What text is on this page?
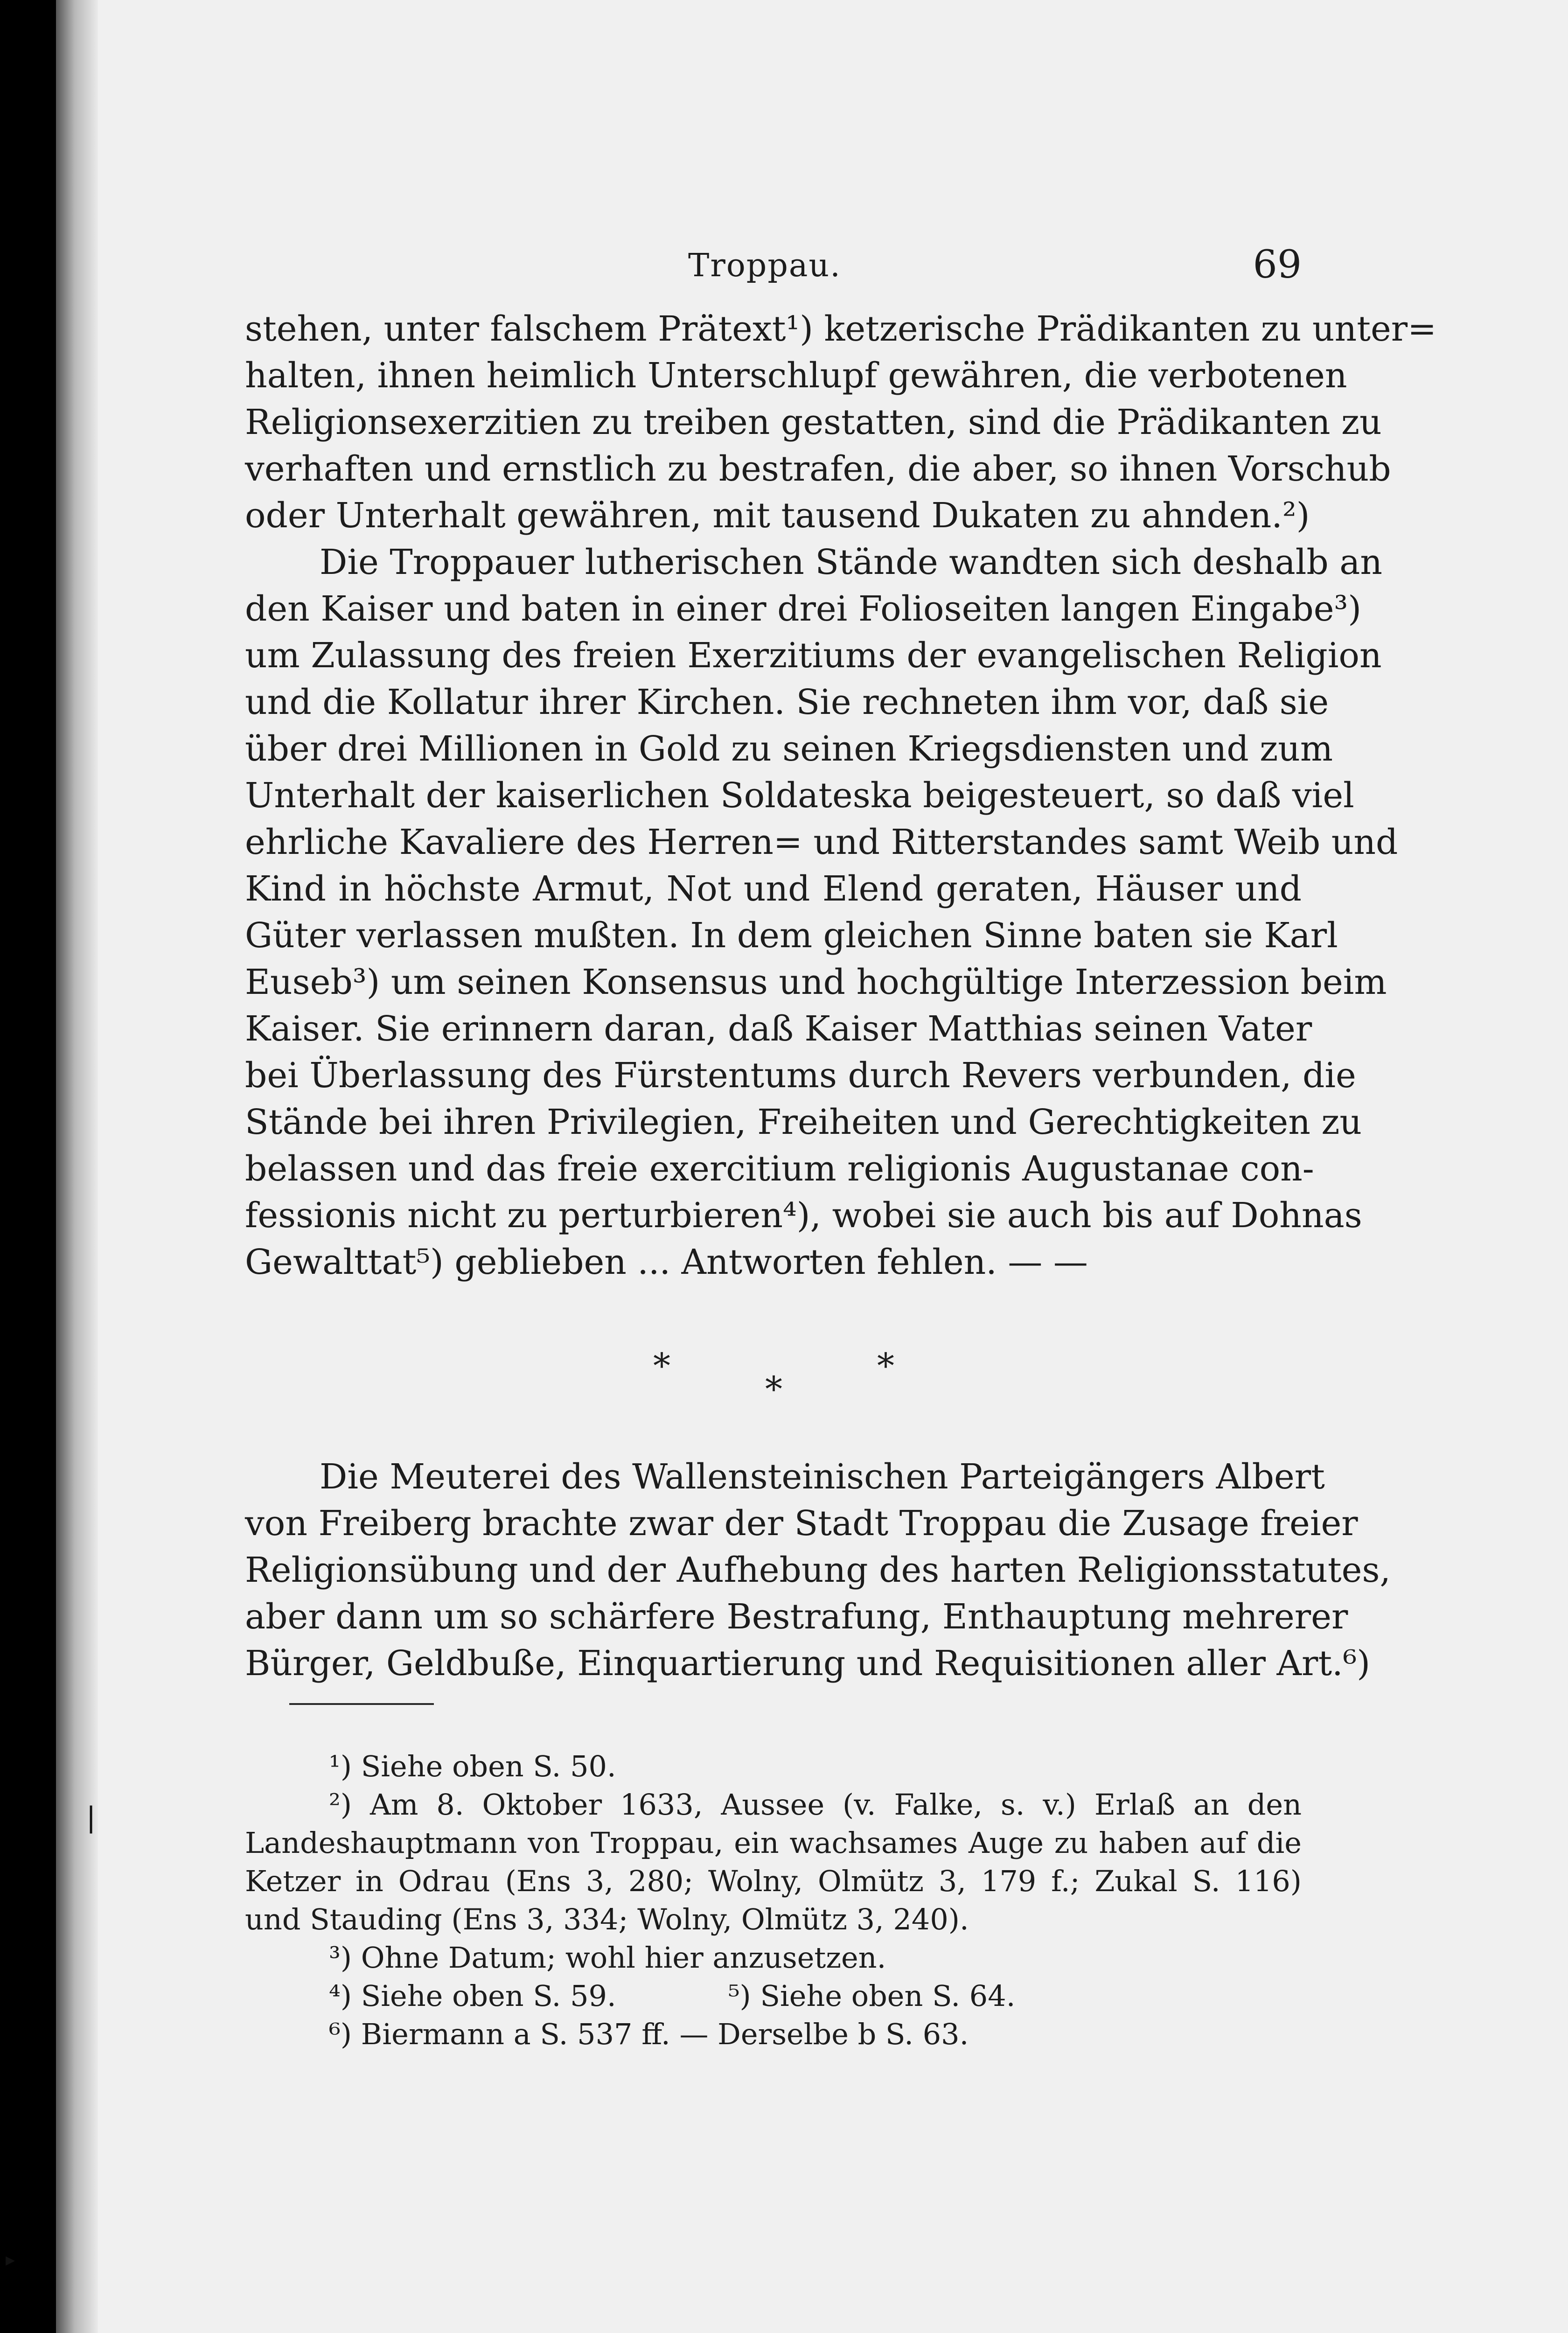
❘
▸
Troppau.	69
stehen, unter falschem Prätext¹) ketzerische Prädikanten zu unter=
halten, ihnen heimlich Unterschlupf gewähren, die verbotenen
Religionsexerzitien zu treiben gestatten, sind die Prädikanten zu
verhaften und ernstlich zu bestrafen, die aber, so ihnen Vorschub
oder Unterhalt gewähren, mit tausend Dukaten zu ahnden.²)
Die Troppauer lutherischen Stände wandten sich deshalb an
den Kaiser und baten in einer drei Folioseiten langen Eingabe³)
um Zulassung des freien Exerzitiums der evangelischen Religion
und die Kollatur ihrer Kirchen. Sie rechneten ihm vor, daß sie
über drei Millionen in Gold zu seinen Kriegsdiensten und zum
Unterhalt der kaiserlichen Soldateska beigesteuert, so daß viel
ehrliche Kavaliere des Herren= und Ritterstandes samt Weib und
Kind in höchste Armut, Not und Elend geraten, Häuser und
Güter verlassen mußten. In dem gleichen Sinne baten sie Karl
Euseb³) um seinen Konsensus und hochgültige Interzession beim
Kaiser. Sie erinnern daran, daß Kaiser Matthias seinen Vater
bei Überlassung des Fürstentums durch Revers verbunden, die
Stände bei ihren Privilegien, Freiheiten und Gerechtigkeiten zu
belassen und das freie exercitium religionis Augustanae con-
fessionis nicht zu perturbieren⁴), wobei sie auch bis auf Dohnas
Gewalttat⁵) geblieben ... Antworten fehlen. — —
*
*
*
Die Meuterei des Wallensteinischen Parteigängers Albert
von Freiberg brachte zwar der Stadt Troppau die Zusage freier
Religionsübung und der Aufhebung des harten Religionsstatutes,
aber dann um so schärfere Bestrafung, Enthauptung mehrerer
Bürger, Geldbuße, Einquartierung und Requisitionen aller Art.⁶)
¹) Siehe oben S. 50.
²) Am 8. Oktober 1633, Aussee (v. Falke, s. v.) Erlaß an den
Landeshauptmann von Troppau, ein wachsames Auge zu haben auf die
Ketzer in Odrau (Ens 3, 280; Wolny, Olmütz 3, 179 f.; Zukal S. 116)
und Stauding (Ens 3, 334; Wolny, Olmütz 3, 240).
³) Ohne Datum; wohl hier anzusetzen.
⁴) Siehe oben S. 59.	⁵) Siehe oben S. 64.
⁶) Biermann a S. 537 ff. — Derselbe b S. 63.
